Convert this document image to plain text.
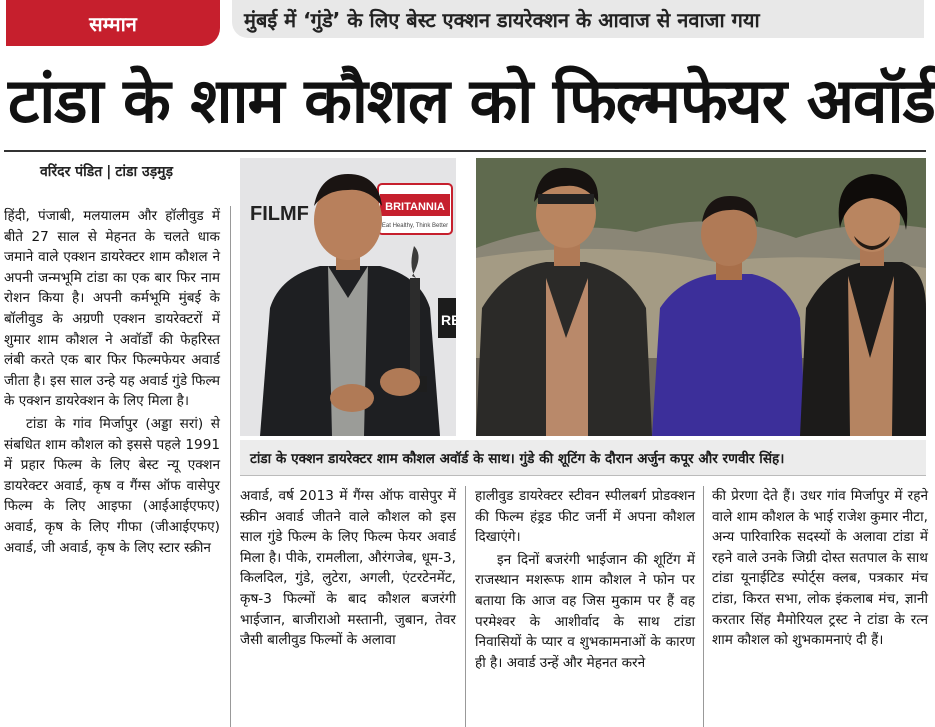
सम्मान	मुंबई में ‘गुंडे’ के लिए बेस्ट एक्शन डायरेक्शन के आवाज से नवाजा गया
टांडा के शाम कौशल को फिल्मफेयर अवॉर्ड
वरिंदर पंडित | टांडा उड़मुड़

हिंदी, पंजाबी, मलयालम और हॉलीवुड में बीते 27 साल से मेहनत के चलते धाक जमाने वाले एक्शन डायरेक्टर शाम कौशल ने अपनी जन्मभूमि टांडा का एक बार फिर नाम रोशन किया है। अपनी कर्मभूमि मुंबई के बॉलीवुड के अग्रणी एक्शन डायरेक्टरों में शुमार शाम कौशल ने अवॉर्डों की फेहरिस्त लंबी करते एक बार फिर फिल्मफेयर अवार्ड जीता है। इस साल उन्हे यह अवार्ड गुंडे फिल्म के एक्शन डायरेक्शन के लिए मिला है।

टांडा के गांव मिर्जापुर (अड्डा सरां) से संबधित शाम कौशल को इससे पहले 1991 में प्रहार फिल्म के लिए बेस्ट न्यू एक्शन डायरेक्टर अवार्ड, कृष व गैंग्स ऑफ वासेपुर फिल्म के लिए आइफा (आईआईएफए) अवार्ड, कृष के लिए गीफा (जीआईएफए) अवार्ड, जी अवार्ड, कृष के लिए स्टार स्क्रीन

FILMF	BRITANNIA
Eat Healthy, Think Better
RE
टांडा के एक्शन डायरेक्टर शाम कौशल अवॉर्ड के साथ। गुंडे की शूटिंग के दौरान अर्जुन कपूर और रणवीर सिंह।

अवार्ड, वर्ष 2013 में गैंग्स ऑफ वासेपुर में स्क्रीन अवार्ड जीतने वाले कौशल को इस साल गुंडे फिल्म के लिए फिल्म फेयर अवार्ड मिला है। पीके, रामलीला, औरंगजेब, धूम-3, किलदिल, गुंडे, लुटेरा, अगली, एंटरटेनमेंट, कृष-3 फिल्मों के बाद कौशल बजरंगी भाईजान, बाजीराओ मस्तानी, जुबान, तेवर जैसी बालीवुड फिल्मों के अलावा

हालीवुड डायरेक्टर स्टीवन स्पीलबर्ग प्रोडक्शन की फिल्म हंड्रड फीट जर्नी में अपना कौशल दिखाएंगे।

इन दिनों बजरंगी भाईजान की शूटिंग में राजस्थान मशरूफ शाम कौशल ने फोन पर बताया कि आज वह जिस मुकाम पर हैं वह परमेश्वर के आशीर्वाद के साथ टांडा निवासियों के प्यार व शुभकामनाओं के कारण ही है। अवार्ड उन्हें और मेहनत करने

की प्रेरणा देते हैं। उधर गांव मिर्जापुर में रहने वाले शाम कौशल के भाई राजेश कुमार नीटा, अन्य पारिवारिक सदस्यों के अलावा टांडा में रहने वाले उनके जिग्री दोस्त सतपाल के साथ टांडा यूनाईटिड स्पोर्ट्स क्लब, पत्रकार मंच टांडा, किरत सभा, लोक इंकलाब मंच, ज्ञानी करतार सिंह मैमोरियल ट्रस्ट ने टांडा के रत्न शाम कौशल को शुभकामनाएं दी हैं।
